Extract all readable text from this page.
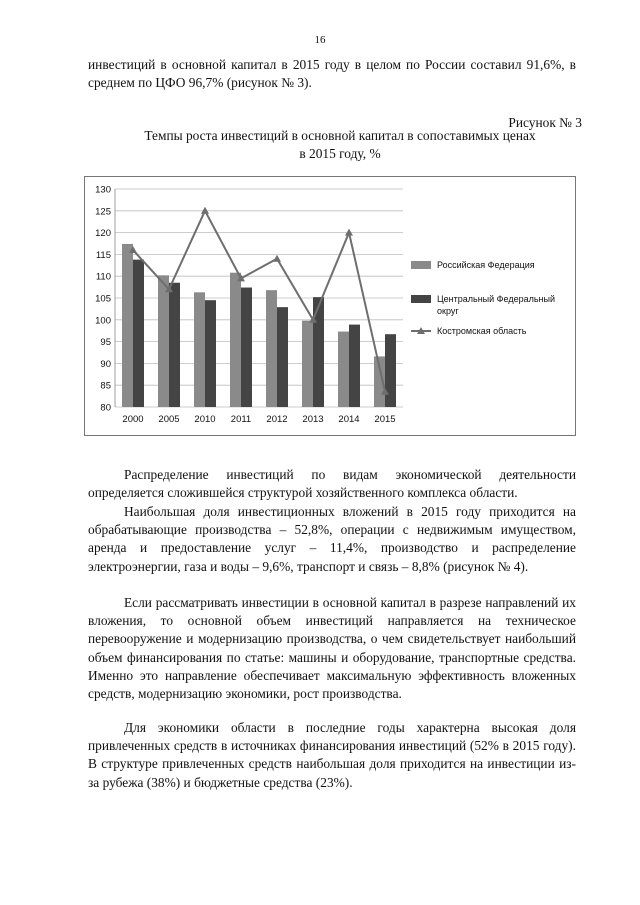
16

инвестиций в основной капитал в 2015 году в целом по России составил 91,6%, в среднем по ЦФО 96,7% (рисунок № 3).

Рисунок № 3
Темпы роста инвестиций в основной капитал в сопоставимых ценах
в 2015 году, %
80
85
90
95
100
105
110
115
120
125
130
2000 2005 2010 2011 2012 2013 2014 2015
Российская Федерация
Центральный Федеральный округ
Костромская область

Распределение инвестиций по видам экономической деятельности определяется сложившейся структурой хозяйственного комплекса области.

Наибольшая доля инвестиционных вложений в 2015 году приходится на обрабатывающие производства – 52,8%, операции с недвижимым имуществом, аренда и предоставление услуг – 11,4%, производство и распределение электроэнергии, газа и воды – 9,6%, транспорт и связь – 8,8% (рисунок № 4).

Если рассматривать инвестиции в основной капитал в разрезе направлений их вложения, то основной объем инвестиций направляется на техническое перевооружение и модернизацию производства, о чем свидетельствует наибольший объем финансирования по статье: машины и оборудование, транспортные средства. Именно это направление обеспечивает максимальную эффективность вложенных средств, модернизацию экономики, рост производства.

Для экономики области в последние годы характерна высокая доля привлеченных средств в источниках финансирования инвестиций (52% в 2015 году). В структуре привлеченных средств наибольшая доля приходится на инвестиции из-за рубежа (38%) и бюджетные средства (23%).
